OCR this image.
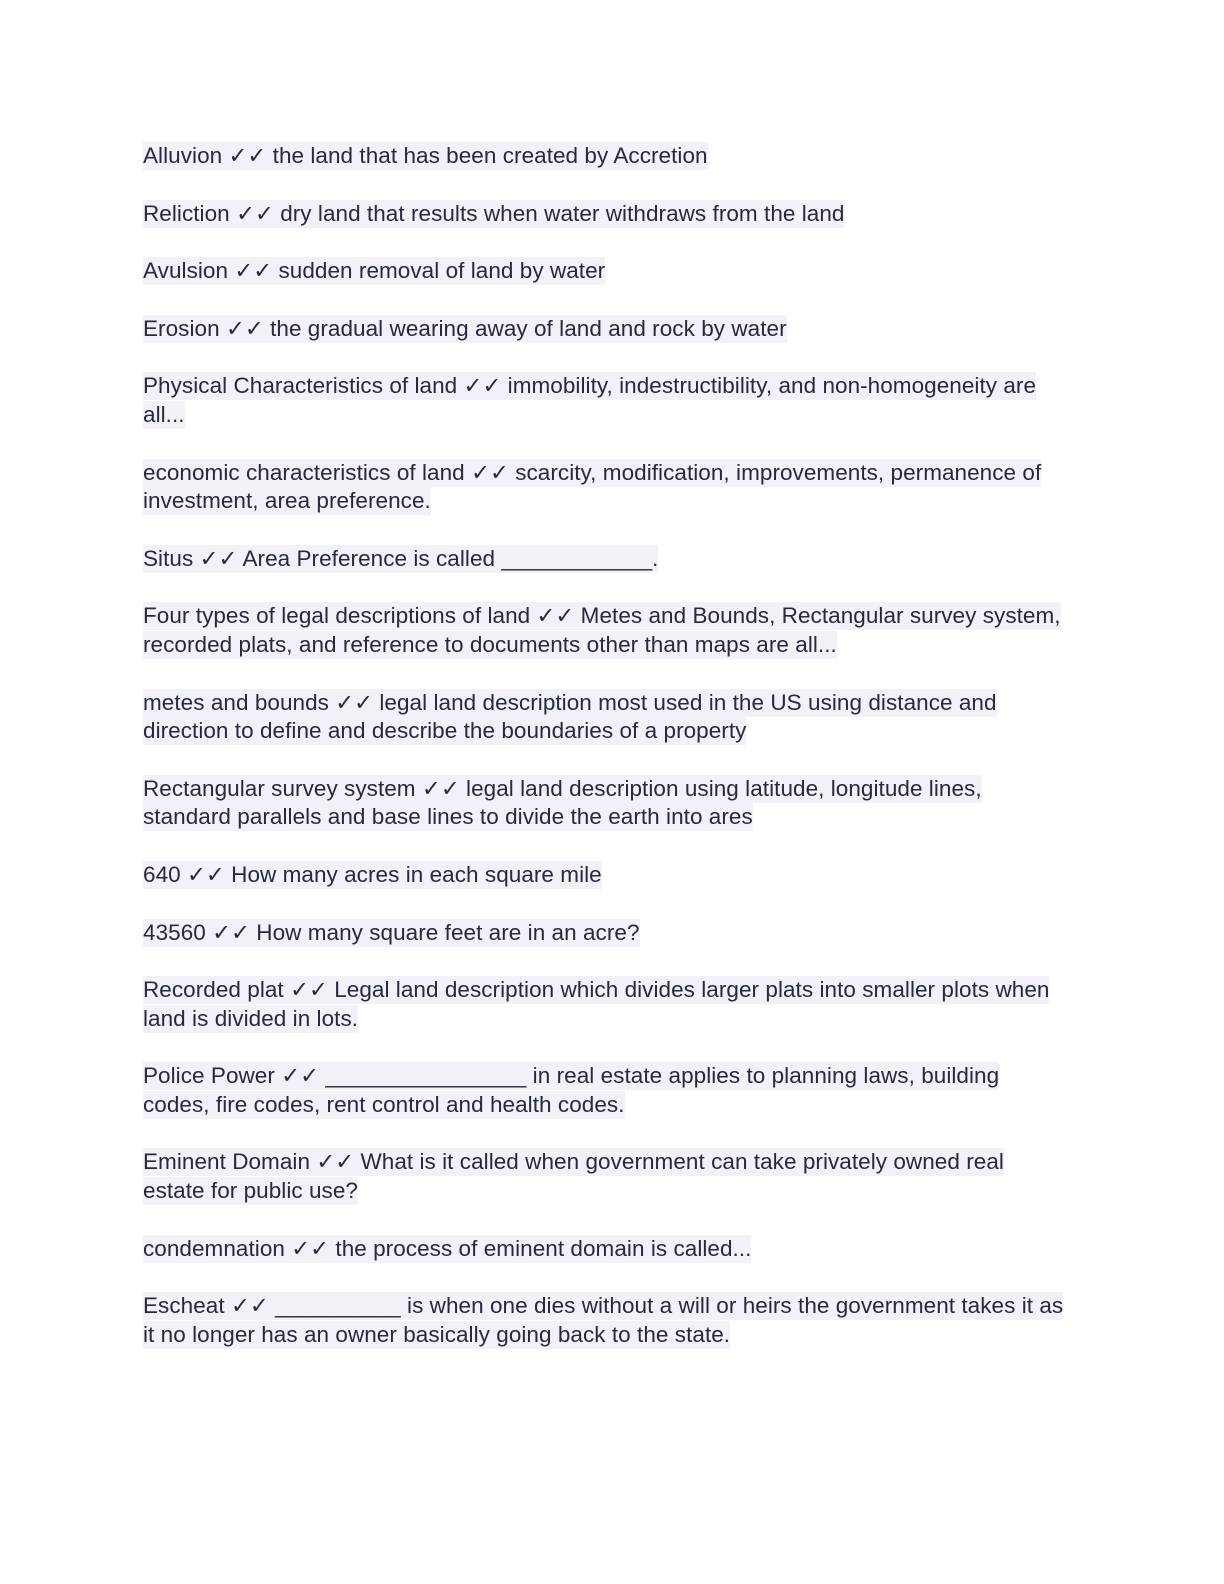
Alluvion ✓✓ the land that has been created by Accretion

Reliction ✓✓ dry land that results when water withdraws from the land

Avulsion ✓✓ sudden removal of land by water

Erosion ✓✓ the gradual wearing away of land and rock by water

Physical Characteristics of land ✓✓ immobility, indestructibility, and non-homogeneity are all...

economic characteristics of land ✓✓ scarcity, modification, improvements, permanence of investment, area preference.

Situs ✓✓ Area Preference is called ____________.

Four types of legal descriptions of land ✓✓ Metes and Bounds, Rectangular survey system, recorded plats, and reference to documents other than maps are all...

metes and bounds ✓✓ legal land description most used in the US using distance and direction to define and describe the boundaries of a property

Rectangular survey system ✓✓ legal land description using latitude, longitude lines, standard parallels and base lines to divide the earth into ares

640 ✓✓ How many acres in each square mile

43560 ✓✓ How many square feet are in an acre?

Recorded plat ✓✓ Legal land description which divides larger plats into smaller plots when land is divided in lots.

Police Power ✓✓ ________________ in real estate applies to planning laws, building codes, fire codes, rent control and health codes.

Eminent Domain ✓✓ What is it called when government can take privately owned real estate for public use?

condemnation ✓✓ the process of eminent domain is called...

Escheat ✓✓ __________ is when one dies without a will or heirs the government takes it as it no longer has an owner basically going back to the state.
